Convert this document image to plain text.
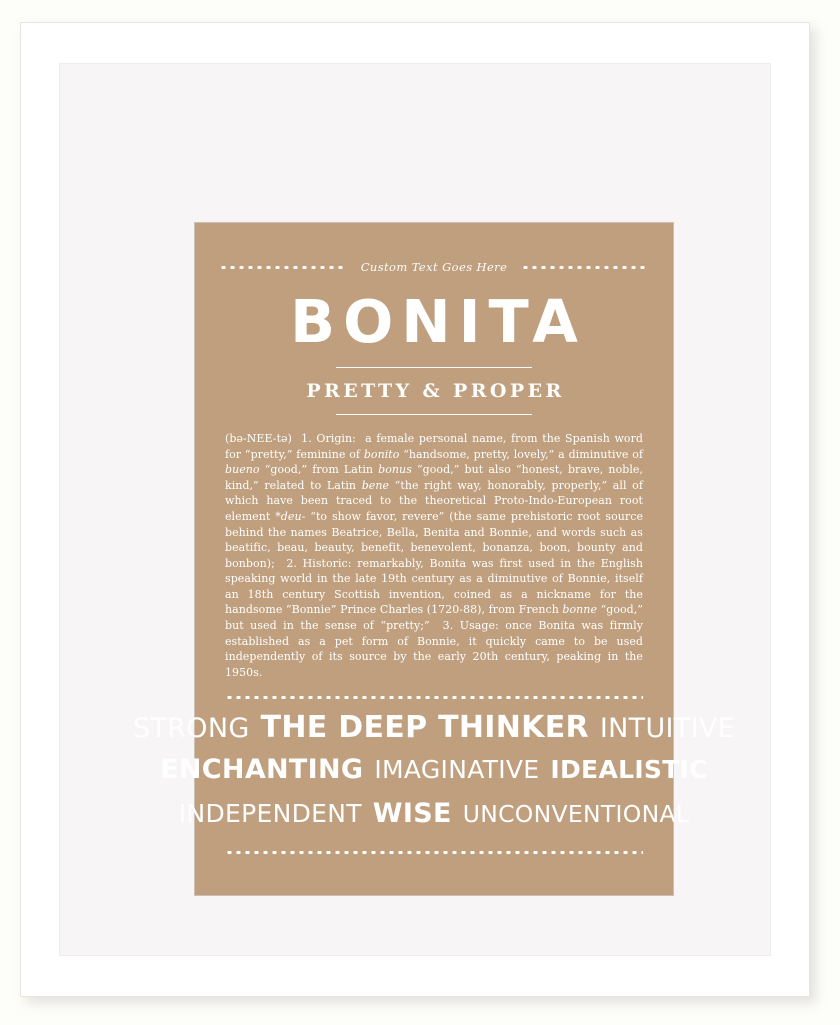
Custom Text Goes Here
BONITA
PRETTY & PROPER
(bə-NEE-tə)  1. Origin:  a female personal name, from the Spanish word for “pretty,” feminine of bonito “handsome, pretty, lovely,” a diminutive of bueno “good,” from Latin bonus “good,” but also “honest, brave, noble, kind,” related to Latin bene “the right way, honorably, properly,” all of which have been traced to the theoretical Proto-Indo-European root element *deu- “to show favor, revere” (the same prehistoric root source behind the names Beatrice, Bella, Benita and Bonnie, and words such as beatific, beau, beauty, benefit, benevolent, bonanza, boon, bounty and bonbon);  2. Historic: remarkably, Bonita was first used in the English speaking world in the late 19th century as a diminutive of Bonnie, itself an 18th century Scottish invention, coined as a nickname for the handsome “Bonnie” Prince Charles (1720-88), from French bonne “good,” but used in the sense of “pretty;”  3. Usage: once Bonita was firmly established as a pet form of Bonnie, it quickly came to be used independently of its source by the early 20th century, peaking in the 1950s.
STRONG THE DEEP THINKER INTUITIVE
ENCHANTING IMAGINATIVE IDEALISTIC
INDEPENDENT WISE UNCONVENTIONAL
